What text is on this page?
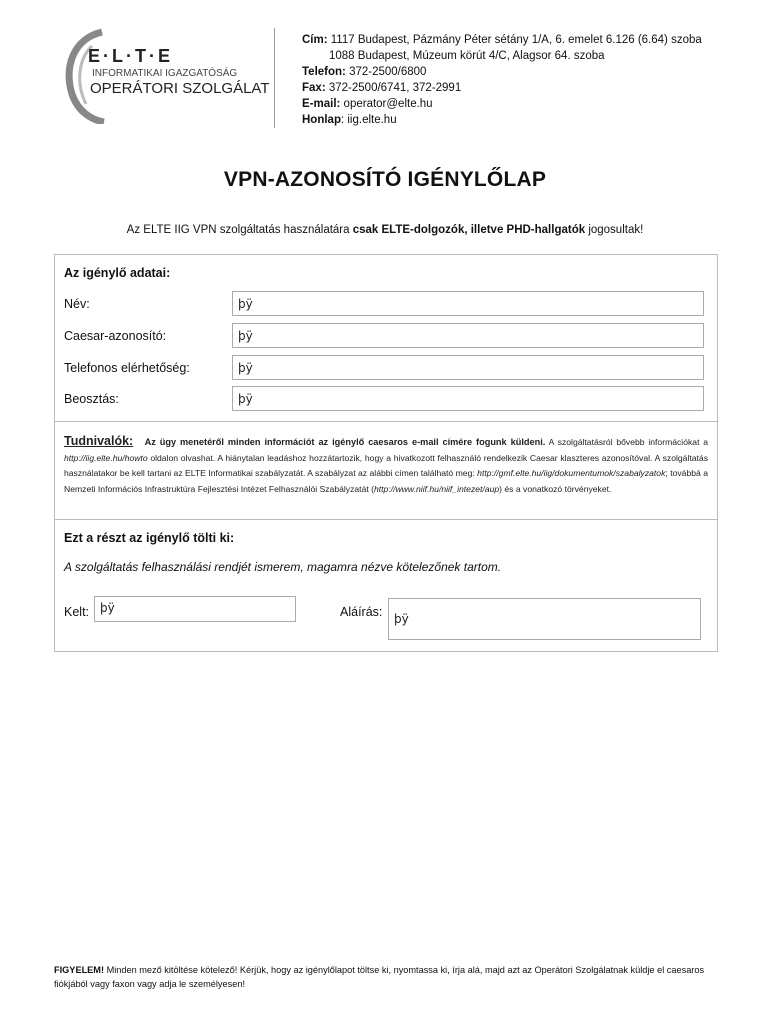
E·L·T·E
INFORMATIKAI IGAZGATÓSÁG
OPERÁTORI SZOLGÁLAT
Cím: 1117 Budapest, Pázmány Péter sétány 1/A, 6. emelet 6.126 (6.64) szoba
1088 Budapest, Múzeum körút 4/C, Alagsor 64. szoba
Telefon: 372-2500/6800
Fax: 372-2500/6741, 372-2991
E-mail: operator@elte.hu
Honlap: iig.elte.hu
VPN-AZONOSÍTÓ IGÉNYLŐLAP
Az ELTE IIG VPN szolgáltatás használatára csak ELTE-dolgozók, illetve PHD-hallgatók jogosultak!
Az igénylő adatai:
Név:	þÿ
Caesar-azonosító:	þÿ
Telefonos elérhetőség:	þÿ
Beosztás:	þÿ
Tudnivalók: Az ügy menetéről minden információt az igénylő caesaros e-mail címére fogunk küldeni. A szolgáltatásról bővebb információkat a http://iig.elte.hu/howto oldalon olvashat. A hiánytalan leadáshoz hozzátartozik, hogy a hivatkozott felhasználó rendelkezik Caesar klaszteres azonosítóval. A szolgáltatás használatakor be kell tartani az ELTE Informatikai szabályzatát. A szabályzat az alábbi címen található meg: http://gmf.elte.hu/iig/dokumentumok/szabalyzatok; továbbá a Nemzeti Információs Infrastruktúra Fejlesztési Intézet Felhasználói Szabályzatát (http://www.niif.hu/niif_intezet/aup) és a vonatkozó törvényeket.
Ezt a részt az igénylő tölti ki:
A szolgáltatás felhasználási rendjét ismerem, magamra nézve kötelezőnek tartom.
Kelt: þÿ	Aláírás: þÿ
FIGYELEM! Minden mező kitöltése kötelező! Kérjük, hogy az igénylőlapot töltse ki, nyomtassa ki, írja alá, majd azt az Operátori Szolgálatnak küldje el caesaros fiókjából vagy faxon vagy adja le személyesen!
